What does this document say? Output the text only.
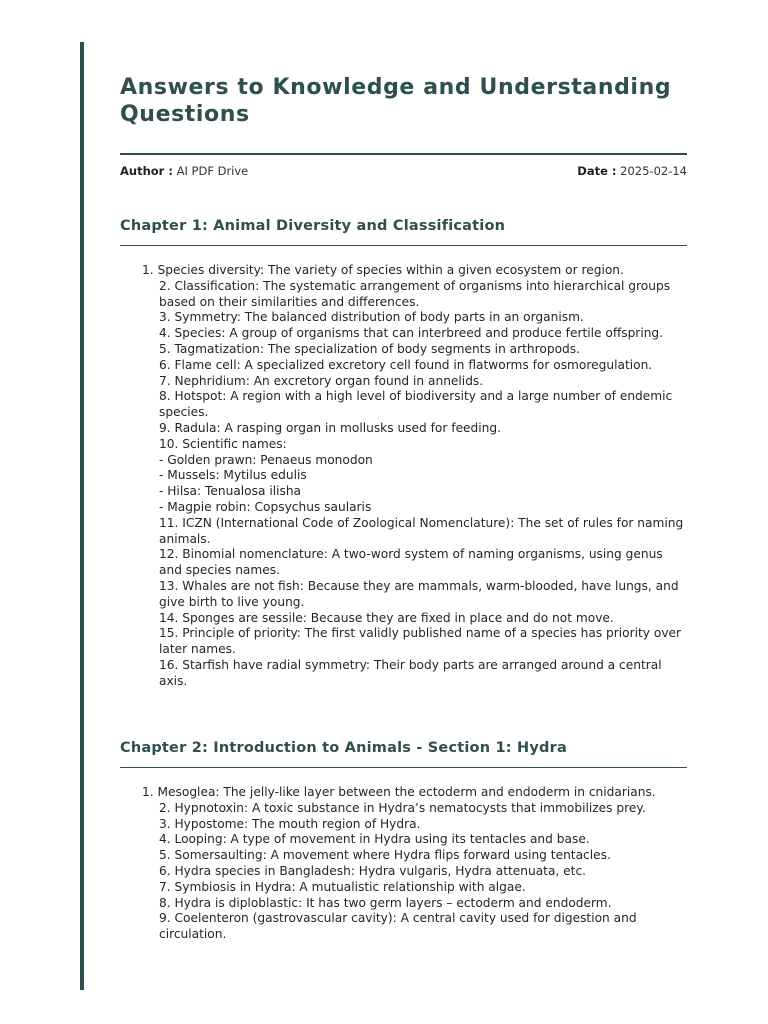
Answers to Knowledge and Understanding Questions
Author : AI PDF Drive	Date : 2025-02-14
Chapter 1: Animal Diversity and Classification
1. Species diversity: The variety of species within a given ecosystem or region.
2. Classification: The systematic arrangement of organisms into hierarchical groups based on their similarities and differences.
3. Symmetry: The balanced distribution of body parts in an organism.
4. Species: A group of organisms that can interbreed and produce fertile offspring.
5. Tagmatization: The specialization of body segments in arthropods.
6. Flame cell: A specialized excretory cell found in flatworms for osmoregulation.
7. Nephridium: An excretory organ found in annelids.
8. Hotspot: A region with a high level of biodiversity and a large number of endemic species.
9. Radula: A rasping organ in mollusks used for feeding.
10. Scientific names:
- Golden prawn: Penaeus monodon
- Mussels: Mytilus edulis
- Hilsa: Tenualosa ilisha
- Magpie robin: Copsychus saularis
11. ICZN (International Code of Zoological Nomenclature): The set of rules for naming animals.
12. Binomial nomenclature: A two-word system of naming organisms, using genus and species names.
13. Whales are not fish: Because they are mammals, warm-blooded, have lungs, and give birth to live young.
14. Sponges are sessile: Because they are fixed in place and do not move.
15. Principle of priority: The first validly published name of a species has priority over later names.
16. Starfish have radial symmetry: Their body parts are arranged around a central axis.
Chapter 2: Introduction to Animals - Section 1: Hydra
1. Mesoglea: The jelly-like layer between the ectoderm and endoderm in cnidarians.
2. Hypnotoxin: A toxic substance in Hydra’s nematocysts that immobilizes prey.
3. Hypostome: The mouth region of Hydra.
4. Looping: A type of movement in Hydra using its tentacles and base.
5. Somersaulting: A movement where Hydra flips forward using tentacles.
6. Hydra species in Bangladesh: Hydra vulgaris, Hydra attenuata, etc.
7. Symbiosis in Hydra: A mutualistic relationship with algae.
8. Hydra is diploblastic: It has two germ layers – ectoderm and endoderm.
9. Coelenteron (gastrovascular cavity): A central cavity used for digestion and circulation.
